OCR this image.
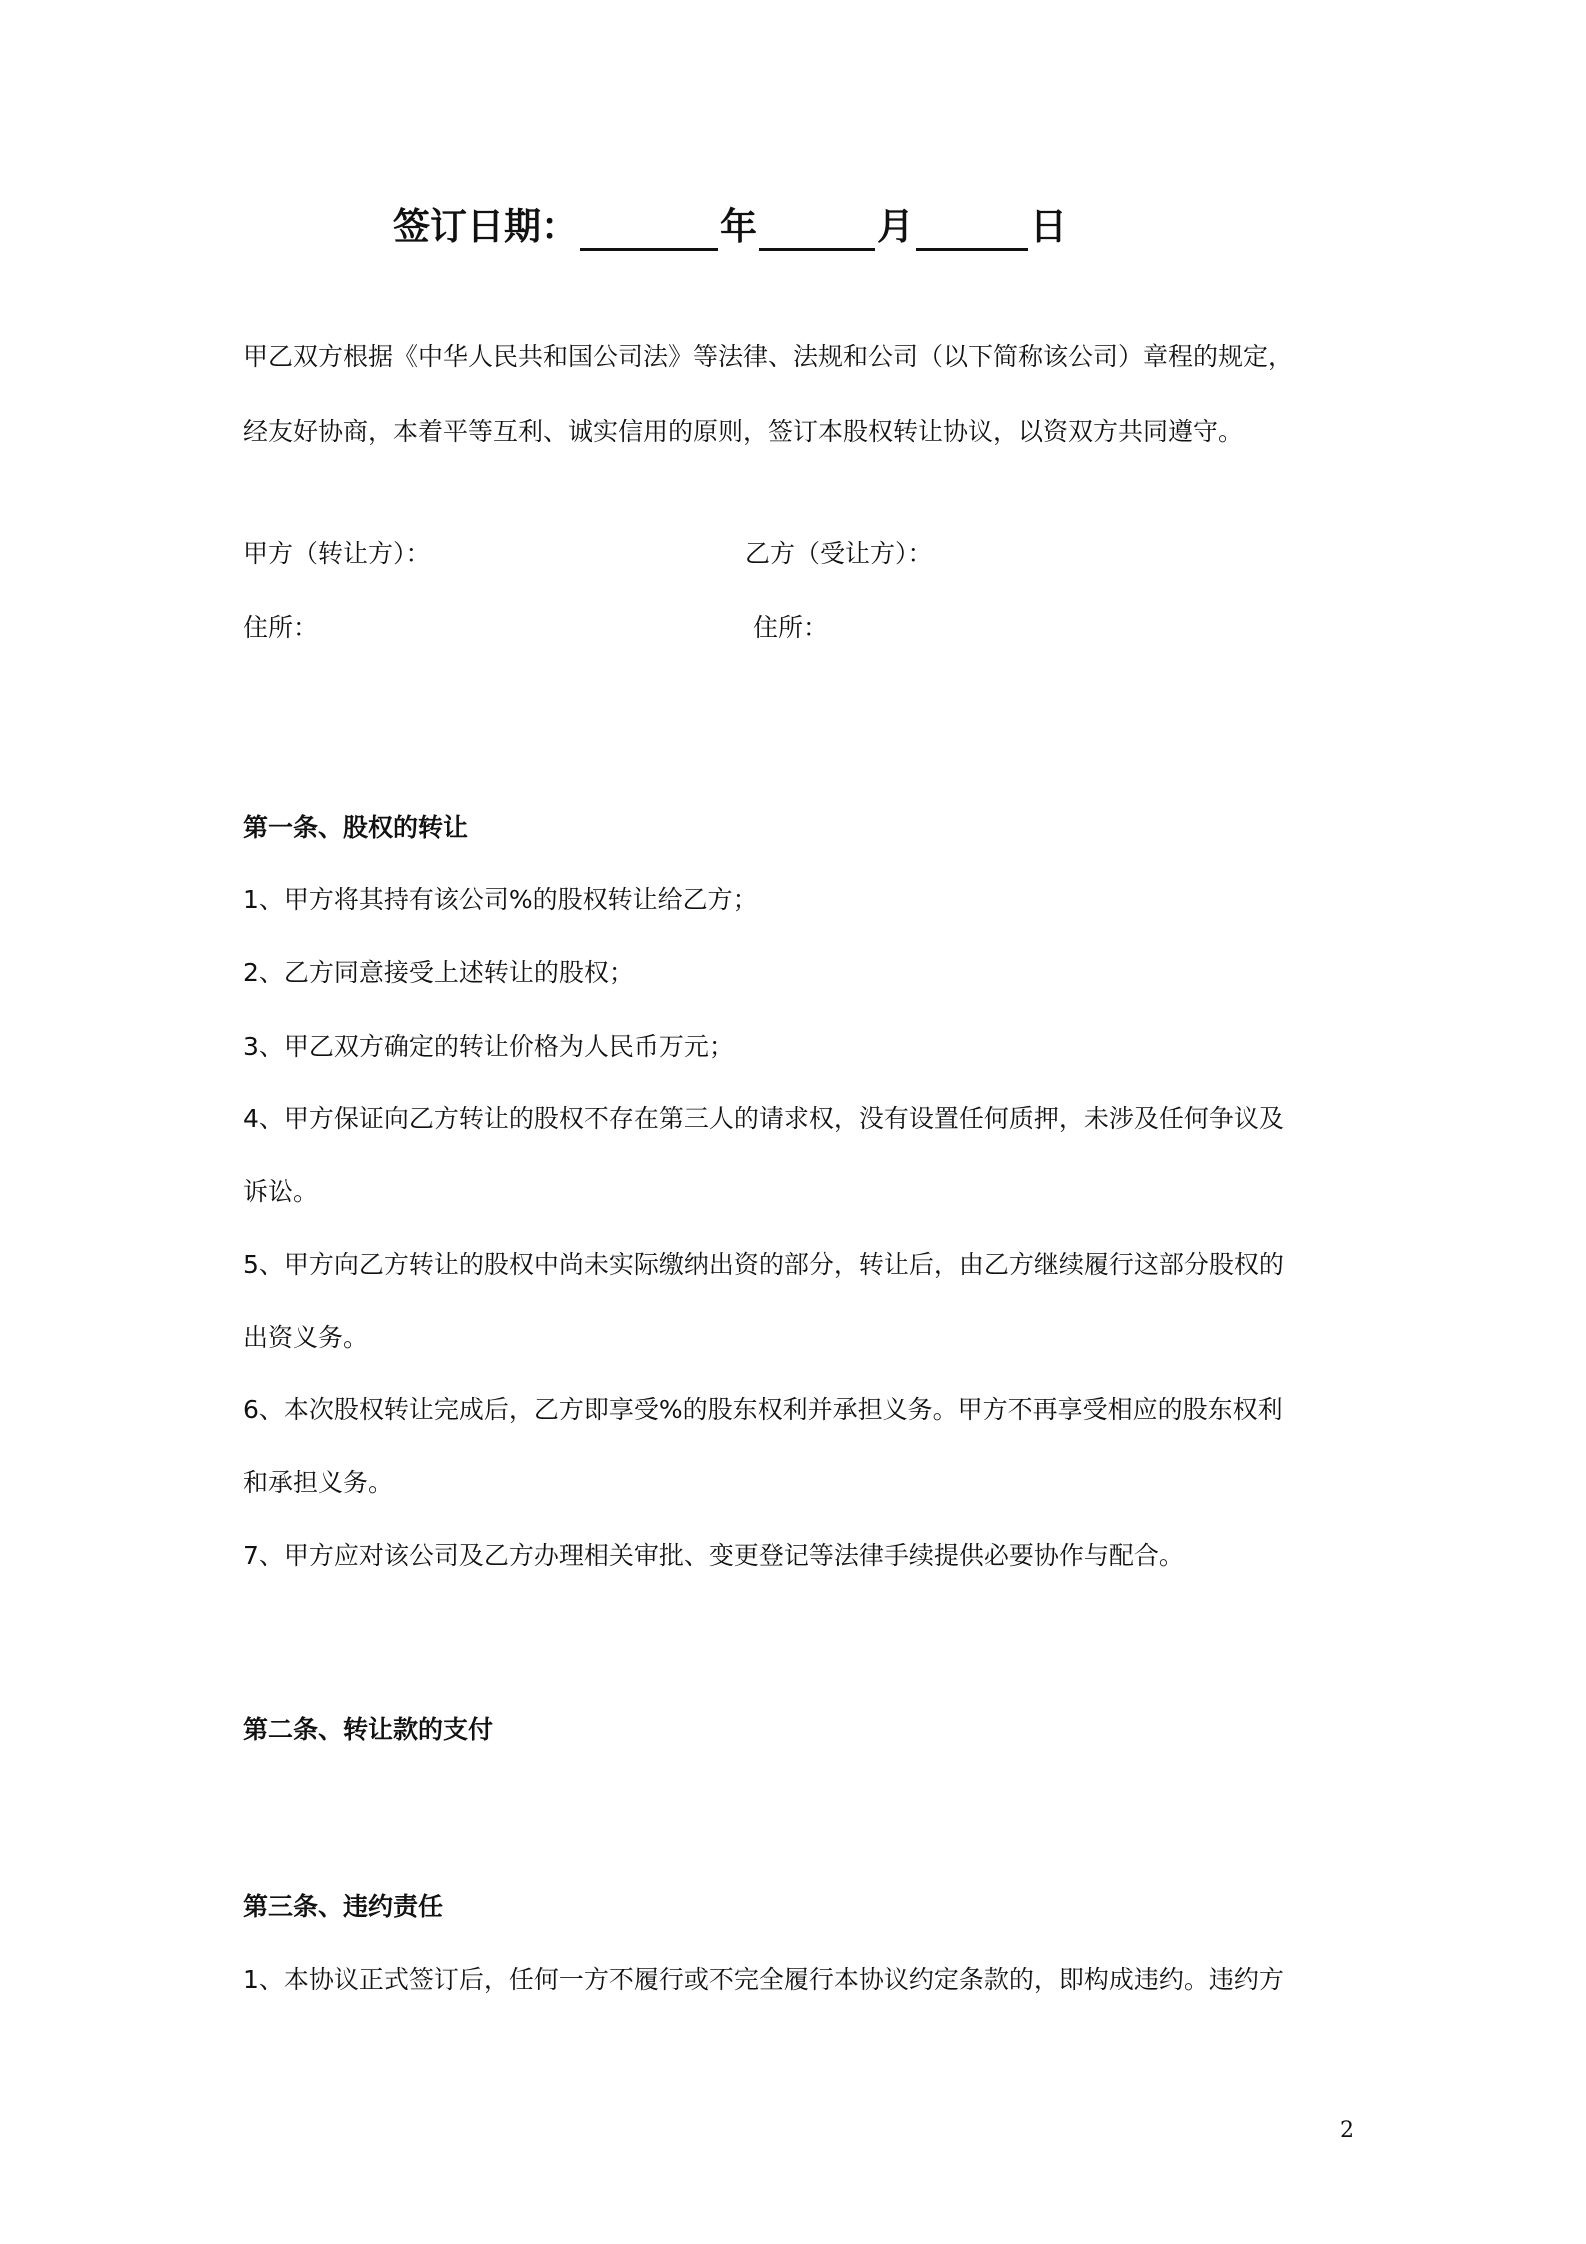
签订日期：	年	月	日
甲乙双方根据《中华人民共和国公司法》等法律、法规和公司（以下简称该公司）章程的规定，
经友好协商，本着平等互利、诚实信用的原则，签订本股权转让协议，以资双方共同遵守。
甲方（转让方）：	乙方（受让方）：
住所：	住所：
第一条、股权的转让
1、甲方将其持有该公司%的股权转让给乙方；
2、乙方同意接受上述转让的股权；
3、甲乙双方确定的转让价格为人民币万元；
4、甲方保证向乙方转让的股权不存在第三人的请求权，没有设置任何质押，未涉及任何争议及
诉讼。
5、甲方向乙方转让的股权中尚未实际缴纳出资的部分，转让后，由乙方继续履行这部分股权的
出资义务。
6、本次股权转让完成后，乙方即享受%的股东权利并承担义务。甲方不再享受相应的股东权利
和承担义务。
7、甲方应对该公司及乙方办理相关审批、变更登记等法律手续提供必要协作与配合。
第二条、转让款的支付
第三条、违约责任
1、本协议正式签订后，任何一方不履行或不完全履行本协议约定条款的，即构成违约。违约方
2
